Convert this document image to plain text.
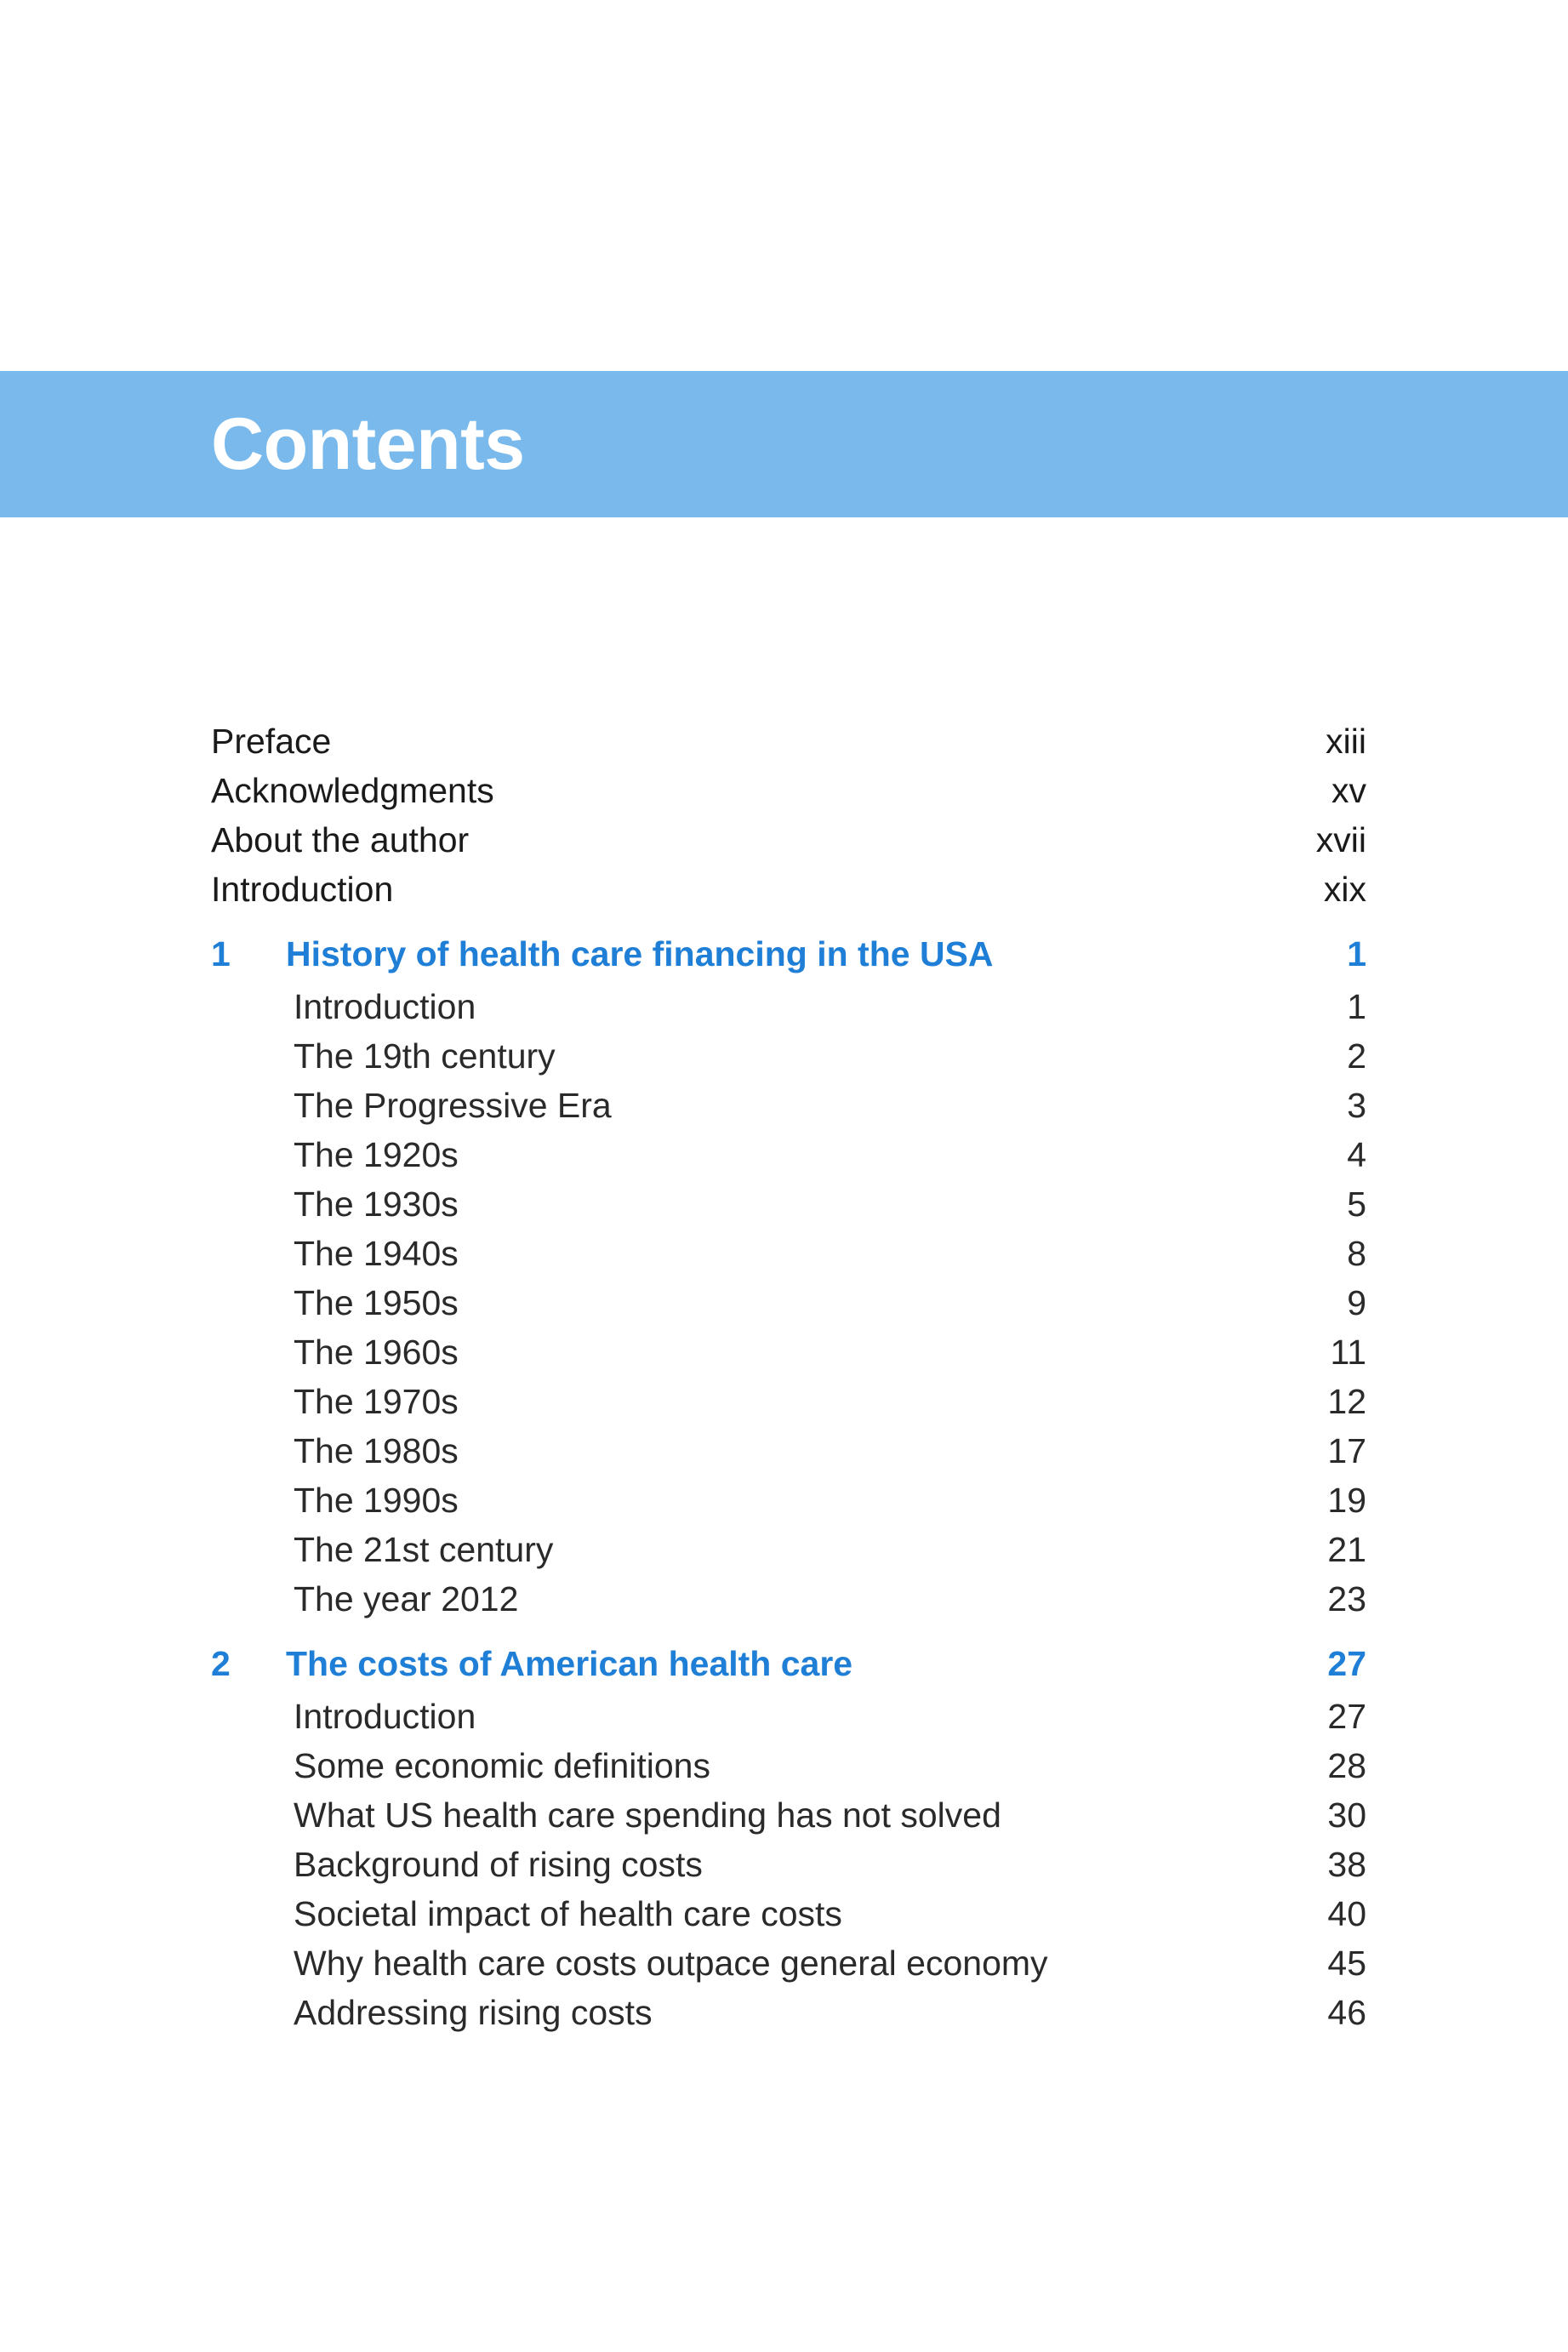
Contents
Preface	xiii
Acknowledgments	xv
About the author	xvii
Introduction	xix
1 History of health care financing in the USA	1
Introduction	1
The 19th century	2
The Progressive Era	3
The 1920s	4
The 1930s	5
The 1940s	8
The 1950s	9
The 1960s	11
The 1970s	12
The 1980s	17
The 1990s	19
The 21st century	21
The year 2012	23
2 The costs of American health care	27
Introduction	27
Some economic definitions	28
What US health care spending has not solved	30
Background of rising costs	38
Societal impact of health care costs	40
Why health care costs outpace general economy	45
Addressing rising costs	46
